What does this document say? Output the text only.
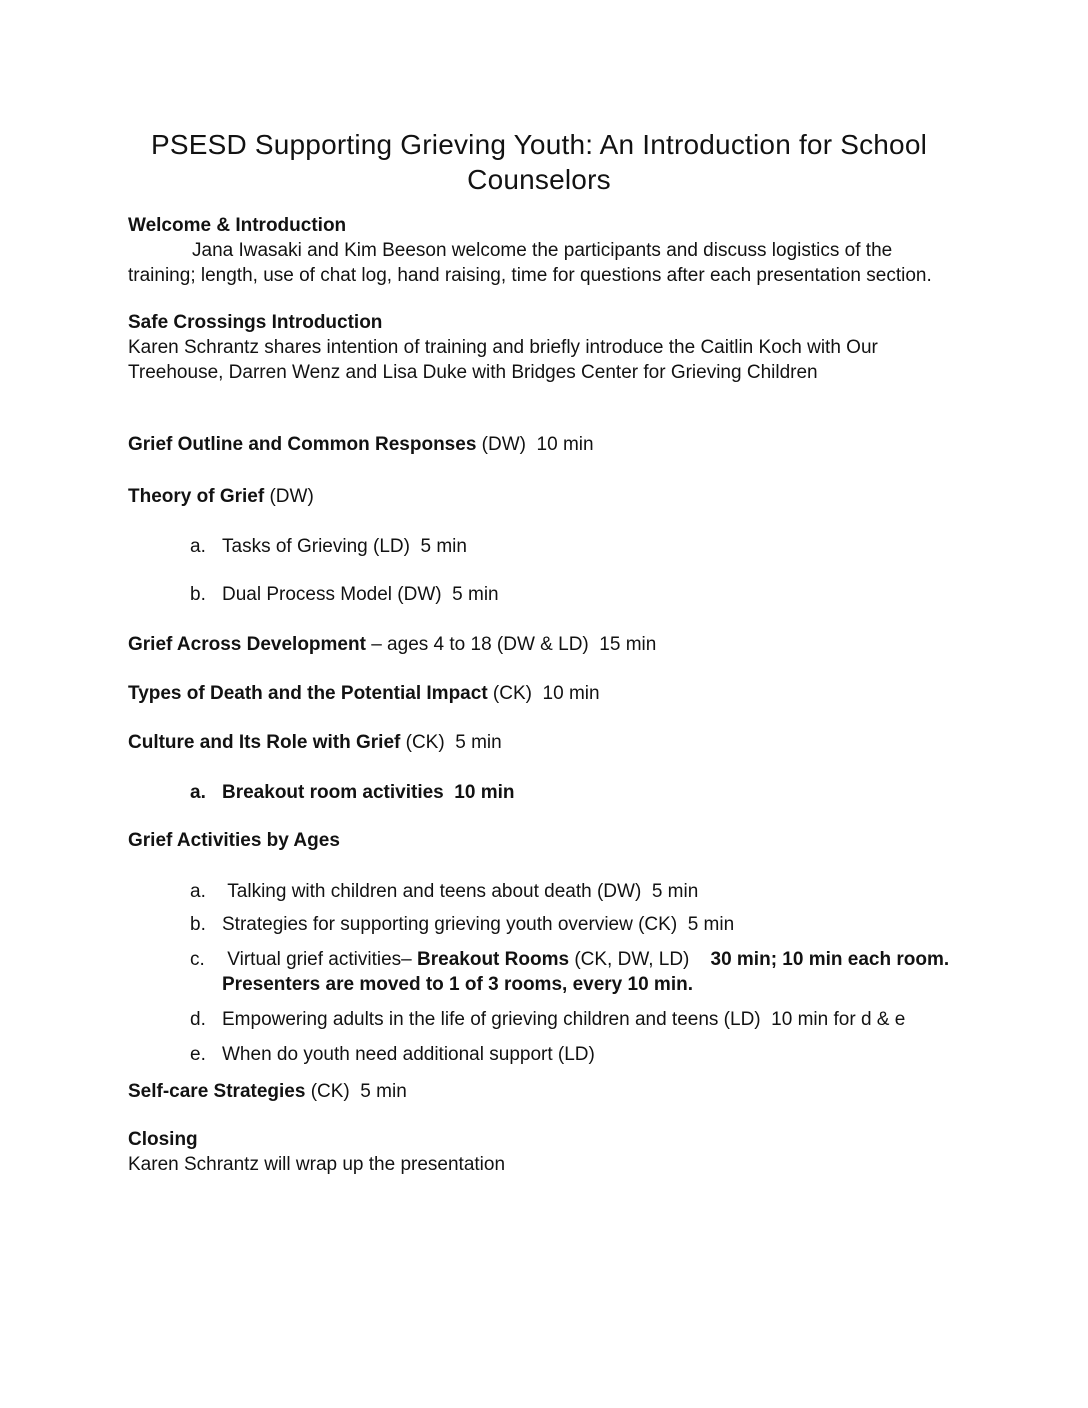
PSESD Supporting Grieving Youth: An Introduction for School
Counselors
Welcome & Introduction
Jana Iwasaki and Kim Beeson welcome the participants and discuss logistics of the training; length, use of chat log, hand raising, time for questions after each presentation section.
Safe Crossings Introduction
Karen Schrantz shares intention of training and briefly introduce the Caitlin Koch with Our Treehouse, Darren Wenz and Lisa Duke with Bridges Center for Grieving Children
Grief Outline and Common Responses (DW)  10 min
Theory of Grief (DW)
a. Tasks of Grieving (LD)  5 min
b. Dual Process Model (DW)  5 min
Grief Across Development – ages 4 to 18 (DW & LD)  15 min
Types of Death and the Potential Impact (CK)  10 min
Culture and Its Role with Grief (CK)  5 min
a. Breakout room activities  10 min
Grief Activities by Ages
a. Talking with children and teens about death (DW)  5 min
b. Strategies for supporting grieving youth overview (CK)  5 min
c. Virtual grief activities– Breakout Rooms (CK, DW, LD)    30 min; 10 min each room.  Presenters are moved to 1 of 3 rooms, every 10 min.
d. Empowering adults in the life of grieving children and teens (LD)  10 min for d & e
e. When do youth need additional support (LD)
Self-care Strategies (CK)  5 min
Closing
Karen Schrantz will wrap up the presentation
